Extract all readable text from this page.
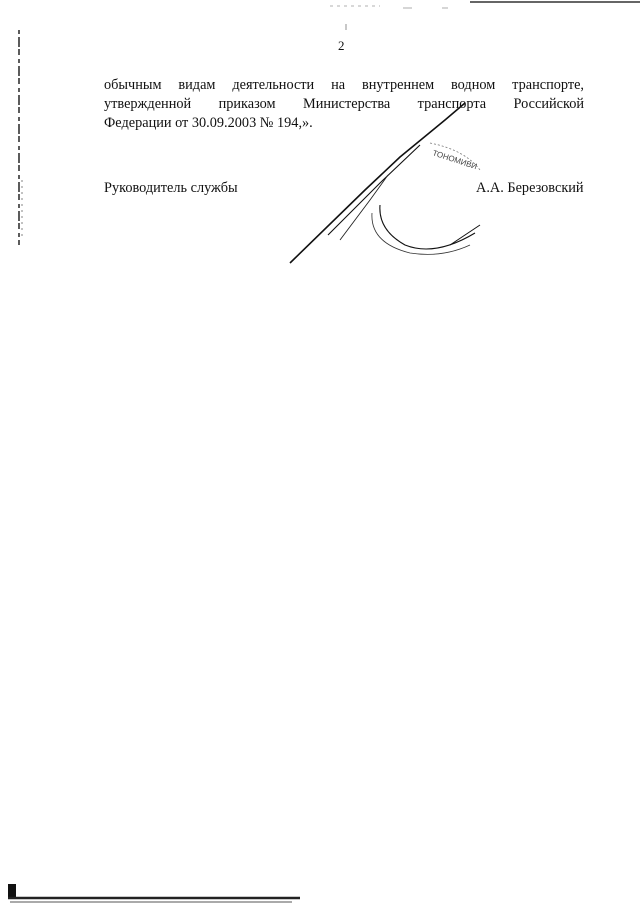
2
обычным видам деятельности на внутреннем водном транспорте,
утвержденной приказом Министерства транспорта Российской
Федерации от 30.09.2003 № 194,».
Руководитель службы	А.А. Березовский
ТОНОМИВИ
